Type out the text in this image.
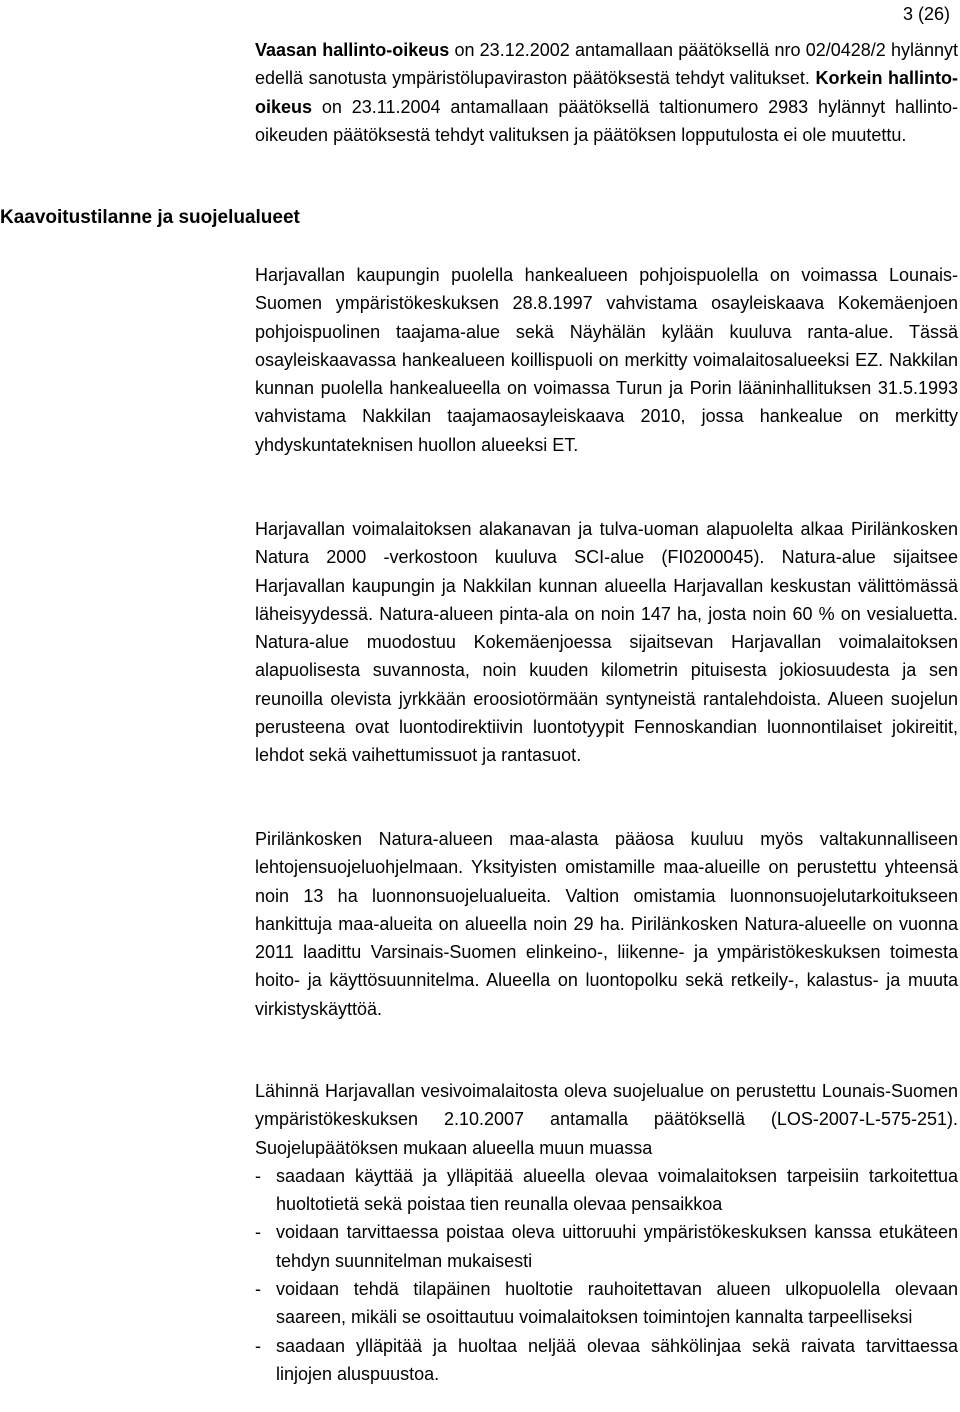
3 (26)
Kaavoitustilanne ja suojelualueet

Vaasan hallinto-oikeus on 23.12.2002 antamallaan päätöksellä nro 02/0428/2 hylännyt edellä sanotusta ympäristölupaviraston päätöksestä tehdyt valitukset. Korkein hallinto-oikeus on 23.11.2004 antamallaan päätöksellä taltionumero 2983 hylännyt hallinto-oikeuden päätöksestä tehdyt valituksen ja päätöksen lopputulosta ei ole muutettu.

Harjavallan kaupungin puolella hankealueen pohjoispuolella on voimassa Lounais-Suomen ympäristökeskuksen 28.8.1997 vahvistama osayleiskaava Kokemäenjoen pohjoispuolinen taajama-alue sekä Näyhälän kylään kuuluva ranta-alue. Tässä osayleiskaavassa hankealueen koillispuoli on merkitty voimalaitosalueeksi EZ. Nakkilan kunnan puolella hankealueella on voimassa Turun ja Porin lääninhallituksen 31.5.1993 vahvistama Nakkilan taajamaosayleiskaava 2010, jossa hankealue on merkitty yhdyskuntateknisen huollon alueeksi ET.

Harjavallan voimalaitoksen alakanavan ja tulva-uoman alapuolelta alkaa Pirilänkosken Natura 2000 -verkostoon kuuluva SCI-alue (FI0200045). Natura-alue sijaitsee Harjavallan kaupungin ja Nakkilan kunnan alueella Harjavallan keskustan välittömässä läheisyydessä. Natura-alueen pinta-ala on noin 147 ha, josta noin 60 % on vesialuetta. Natura-alue muodostuu Kokemäenjoessa sijaitsevan Harjavallan voimalaitoksen alapuolisesta suvannosta, noin kuuden kilometrin pituisesta jokiosuudesta ja sen reunoilla olevista jyrkkään eroosiotörmään syntyneistä rantalehdoista. Alueen suojelun perusteena ovat luontodirektiivin luontotyypit Fennoskandian luonnontilaiset jokireitit, lehdot sekä vaihettumissuot ja rantasuot.

Pirilänkosken Natura-alueen maa-alasta pääosa kuuluu myös valtakunnalliseen lehtojensuojeluohjelmaan. Yksityisten omistamille maa-alueille on perustettu yhteensä noin 13 ha luonnonsuojelualueita. Valtion omistamia luonnonsuojelutarkoitukseen hankittuja maa-alueita on alueella noin 29 ha. Pirilänkosken Natura-alueelle on vuonna 2011 laadittu Varsinais-Suomen elinkeino-, liikenne- ja ympäristökeskuksen toimesta hoito- ja käyttösuunnitelma. Alueella on luontopolku sekä retkeily-, kalastus- ja muuta virkistyskäyttöä.

Lähinnä Harjavallan vesivoimalaitosta oleva suojelualue on perustettu Lounais-Suomen ympäristökeskuksen 2.10.2007 antamalla päätöksellä (LOS-2007-L-575-251). Suojelupäätöksen mukaan alueella muun muassa

- saadaan käyttää ja ylläpitää alueella olevaa voimalaitoksen tarpeisiin tarkoitettua huoltotietä sekä poistaa tien reunalla olevaa pensaikkoa
- voidaan tarvittaessa poistaa oleva uittoruuhi ympäristökeskuksen kanssa etukäteen tehdyn suunnitelman mukaisesti
- voidaan tehdä tilapäinen huoltotie rauhoitettavan alueen ulkopuolella olevaan saareen, mikäli se osoittautuu voimalaitoksen toimintojen kannalta tarpeelliseksi
- saadaan ylläpitää ja huoltaa neljää olevaa sähkölinjaa sekä raivata tarvittaessa linjojen aluspuustoa.
